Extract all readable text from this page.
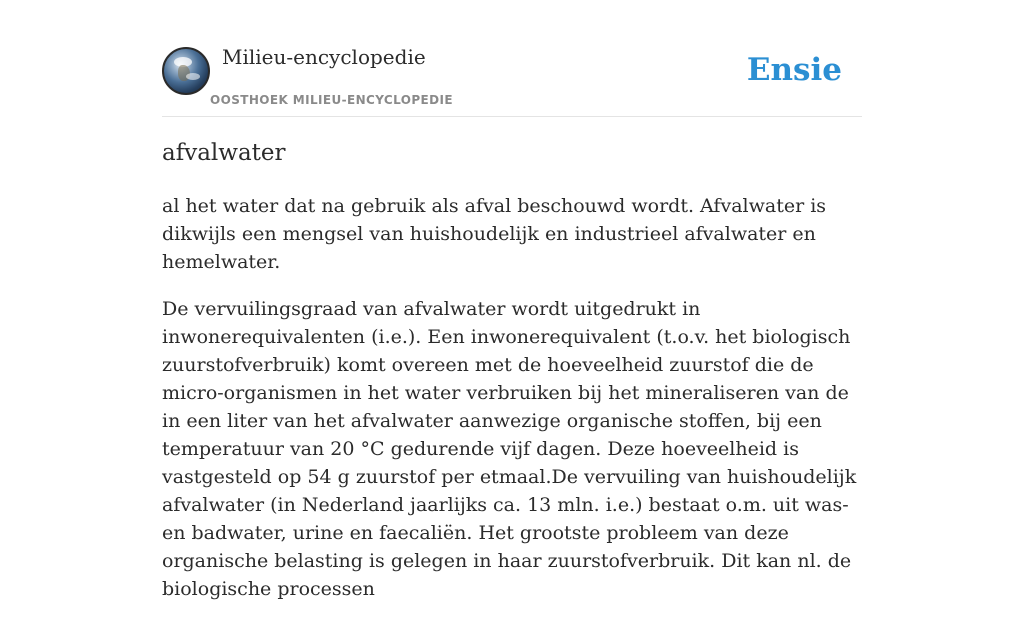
Milieu-encyclopedie
OOSTHOEK MILIEU-ENCYCLOPEDIE
Ensie
afvalwater

al het water dat na gebruik als afval beschouwd wordt. Afvalwater is dikwijls een mengsel van huishoudelijk en industrieel afvalwater en hemelwater.

De vervuilingsgraad van afvalwater wordt uitgedrukt in inwonerequivalenten (i.e.). Een inwonerequivalent (t.o.v. het biologisch zuurstofverbruik) komt overeen met de hoeveelheid zuurstof die de micro-organismen in het water verbruiken bij het mineraliseren van de in een liter van het afvalwater aanwezige organische stoffen, bij een temperatuur van 20 °C gedurende vijf dagen. Deze hoeveelheid is vastgesteld op 54 g zuurstof per etmaal.De vervuiling van huishoudelijk afvalwater (in Nederland jaarlijks ca. 13 mln. i.e.) bestaat o.m. uit was- en badwater, urine en faecaliën. Het grootste probleem van deze organische belasting is gelegen in haar zuurstofverbruik. Dit kan nl. de biologische processen
